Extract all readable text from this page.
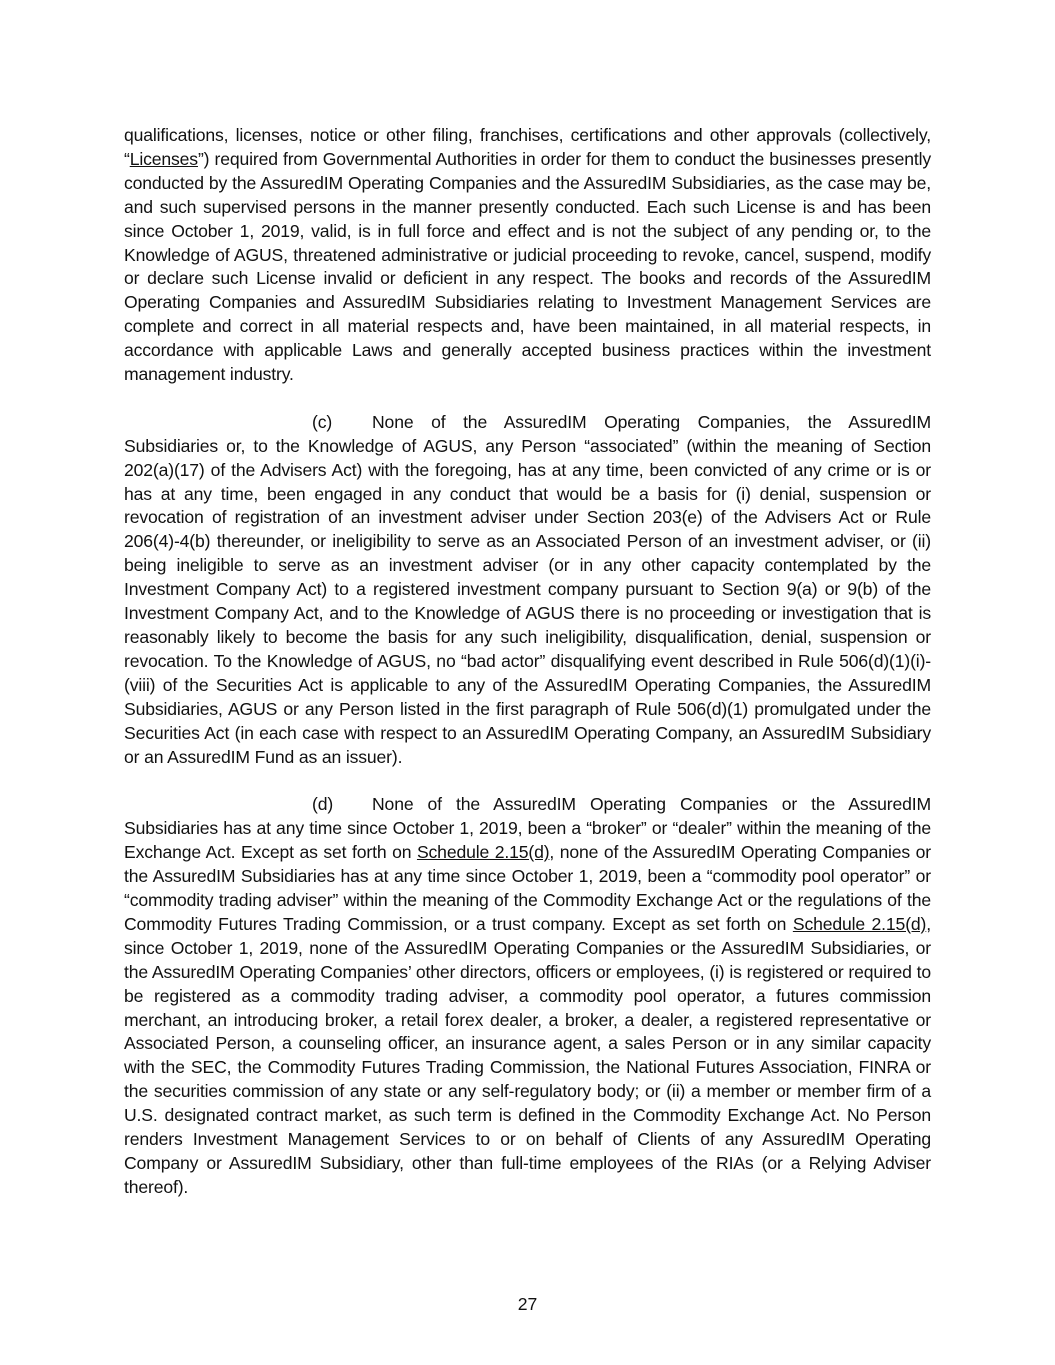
qualifications, licenses, notice or other filing, franchises, certifications and other approvals (collectively, “Licenses”) required from Governmental Authorities in order for them to conduct the businesses presently conducted by the AssuredIM Operating Companies and the AssuredIM Subsidiaries, as the case may be, and such supervised persons in the manner presently conducted. Each such License is and has been since October 1, 2019, valid, is in full force and effect and is not the subject of any pending or, to the Knowledge of AGUS, threatened administrative or judicial proceeding to revoke, cancel, suspend, modify or declare such License invalid or deficient in any respect. The books and records of the AssuredIM Operating Companies and AssuredIM Subsidiaries relating to Investment Management Services are complete and correct in all material respects and, have been maintained, in all material respects, in accordance with applicable Laws and generally accepted business practices within the investment management industry.

(c) None of the AssuredIM Operating Companies, the AssuredIM Subsidiaries or, to the Knowledge of AGUS, any Person “associated” (within the meaning of Section 202(a)(17) of the Advisers Act) with the foregoing, has at any time, been convicted of any crime or is or has at any time, been engaged in any conduct that would be a basis for (i) denial, suspension or revocation of registration of an investment adviser under Section 203(e) of the Advisers Act or Rule 206(4)-4(b) thereunder, or ineligibility to serve as an Associated Person of an investment adviser, or (ii) being ineligible to serve as an investment adviser (or in any other capacity contemplated by the Investment Company Act) to a registered investment company pursuant to Section 9(a) or 9(b) of the Investment Company Act, and to the Knowledge of AGUS there is no proceeding or investigation that is reasonably likely to become the basis for any such ineligibility, disqualification, denial, suspension or revocation. To the Knowledge of AGUS, no “bad actor” disqualifying event described in Rule 506(d)(1)(i)-(viii) of the Securities Act is applicable to any of the AssuredIM Operating Companies, the AssuredIM Subsidiaries, AGUS or any Person listed in the first paragraph of Rule 506(d)(1) promulgated under the Securities Act (in each case with respect to an AssuredIM Operating Company, an AssuredIM Subsidiary or an AssuredIM Fund as an issuer).

(d) None of the AssuredIM Operating Companies or the AssuredIM Subsidiaries has at any time since October 1, 2019, been a “broker” or “dealer” within the meaning of the Exchange Act. Except as set forth on Schedule 2.15(d), none of the AssuredIM Operating Companies or the AssuredIM Subsidiaries has at any time since October 1, 2019, been a “commodity pool operator” or “commodity trading adviser” within the meaning of the Commodity Exchange Act or the regulations of the Commodity Futures Trading Commission, or a trust company. Except as set forth on Schedule 2.15(d), since October 1, 2019, none of the AssuredIM Operating Companies or the AssuredIM Subsidiaries, or the AssuredIM Operating Companies’ other directors, officers or employees, (i) is registered or required to be registered as a commodity trading adviser, a commodity pool operator, a futures commission merchant, an introducing broker, a retail forex dealer, a broker, a dealer, a registered representative or Associated Person, a counseling officer, an insurance agent, a sales Person or in any similar capacity with the SEC, the Commodity Futures Trading Commission, the National Futures Association, FINRA or the securities commission of any state or any self-regulatory body; or (ii) a member or member firm of a U.S. designated contract market, as such term is defined in the Commodity Exchange Act. No Person renders Investment Management Services to or on behalf of Clients of any AssuredIM Operating Company or AssuredIM Subsidiary, other than full-time employees of the RIAs (or a Relying Adviser thereof).

27
